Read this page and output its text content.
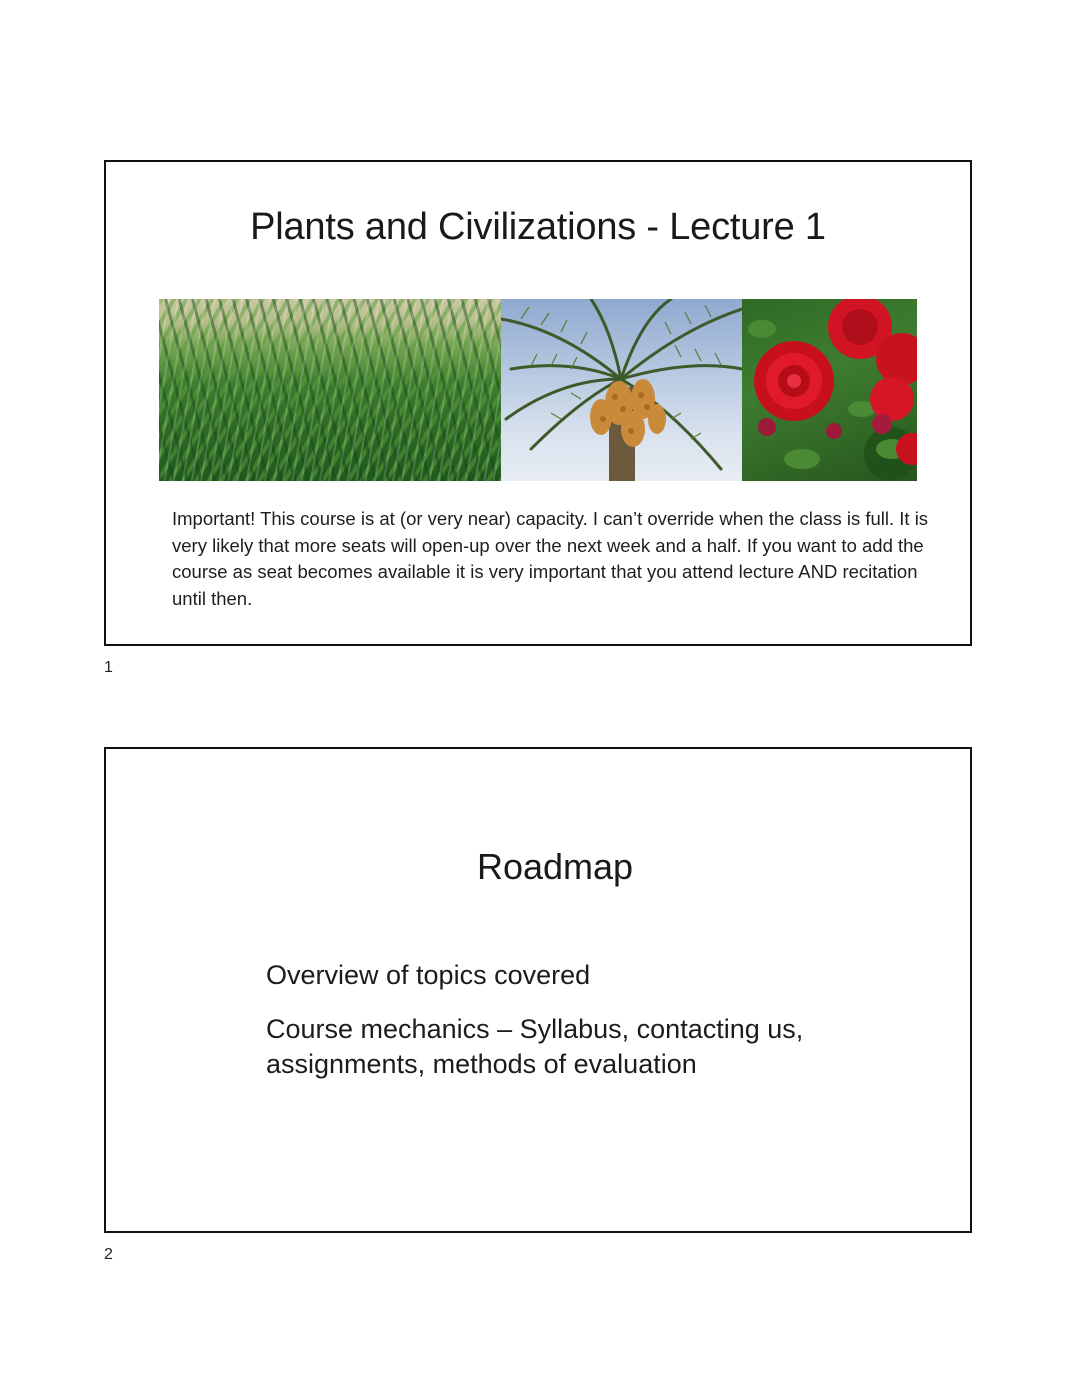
Plants and Civilizations - Lecture 1
Important! This course is at (or very near) capacity. I can’t override when the class is full. It is very likely that more seats will open-up over the next week and a half. If you want to add the course as seat becomes available it is very important that you attend lecture AND recitation until then.
1
Roadmap
Overview of topics covered
Course mechanics – Syllabus, contacting us, assignments, methods of evaluation
2
